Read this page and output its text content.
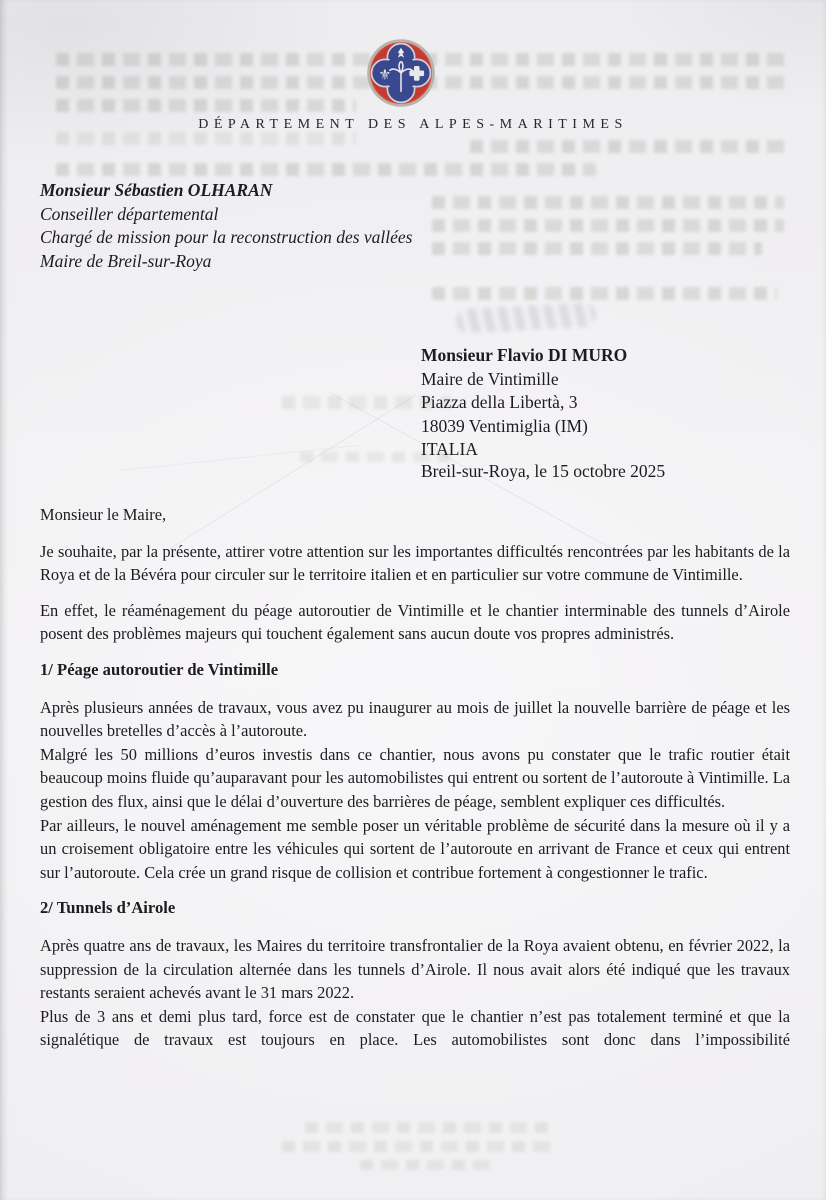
⚜
DÉPARTEMENT DES ALPES-MARITIMES
Monsieur Sébastien OLHARAN
Conseiller départemental
Chargé de mission pour la reconstruction des vallées
Maire de Breil-sur-Roya
Monsieur Flavio DI MURO
Maire de Vintimille
Piazza della Libertà, 3
18039 Ventimiglia (IM)
ITALIA
Breil-sur-Roya, le 15 octobre 2025

Monsieur le Maire,

Je souhaite, par la présente, attirer votre attention sur les importantes difficultés rencontrées par les habitants de la Roya et de la Bévéra pour circuler sur le territoire italien et en particulier sur votre commune de Vintimille.

En effet, le réaménagement du péage autoroutier de Vintimille et le chantier interminable des tunnels d’Airole posent des problèmes majeurs qui touchent également sans aucun doute vos propres administrés.

1/ Péage autoroutier de Vintimille

Après plusieurs années de travaux, vous avez pu inaugurer au mois de juillet la nouvelle barrière de péage et les nouvelles bretelles d’accès à l’autoroute.

Malgré les 50 millions d’euros investis dans ce chantier, nous avons pu constater que le trafic routier était beaucoup moins fluide qu’auparavant pour les automobilistes qui entrent ou sortent de l’autoroute à Vintimille. La gestion des flux, ainsi que le délai d’ouverture des barrières de péage, semblent expliquer ces difficultés.

Par ailleurs, le nouvel aménagement me semble poser un véritable problème de sécurité dans la mesure où il y a un croisement obligatoire entre les véhicules qui sortent de l’autoroute en arrivant de France et ceux qui entrent sur l’autoroute. Cela crée un grand risque de collision et contribue fortement à congestionner le trafic.

2/ Tunnels d’Airole

Après quatre ans de travaux, les Maires du territoire transfrontalier de la Roya avaient obtenu, en février 2022, la suppression de la circulation alternée dans les tunnels d’Airole. Il nous avait alors été indiqué que les travaux restants seraient achevés avant le 31 mars 2022.

Plus de 3 ans et demi plus tard, force est de constater que le chantier n’est pas totalement terminé et que la signalétique de travaux est toujours en place. Les automobilistes sont donc dans l’impossibilité
